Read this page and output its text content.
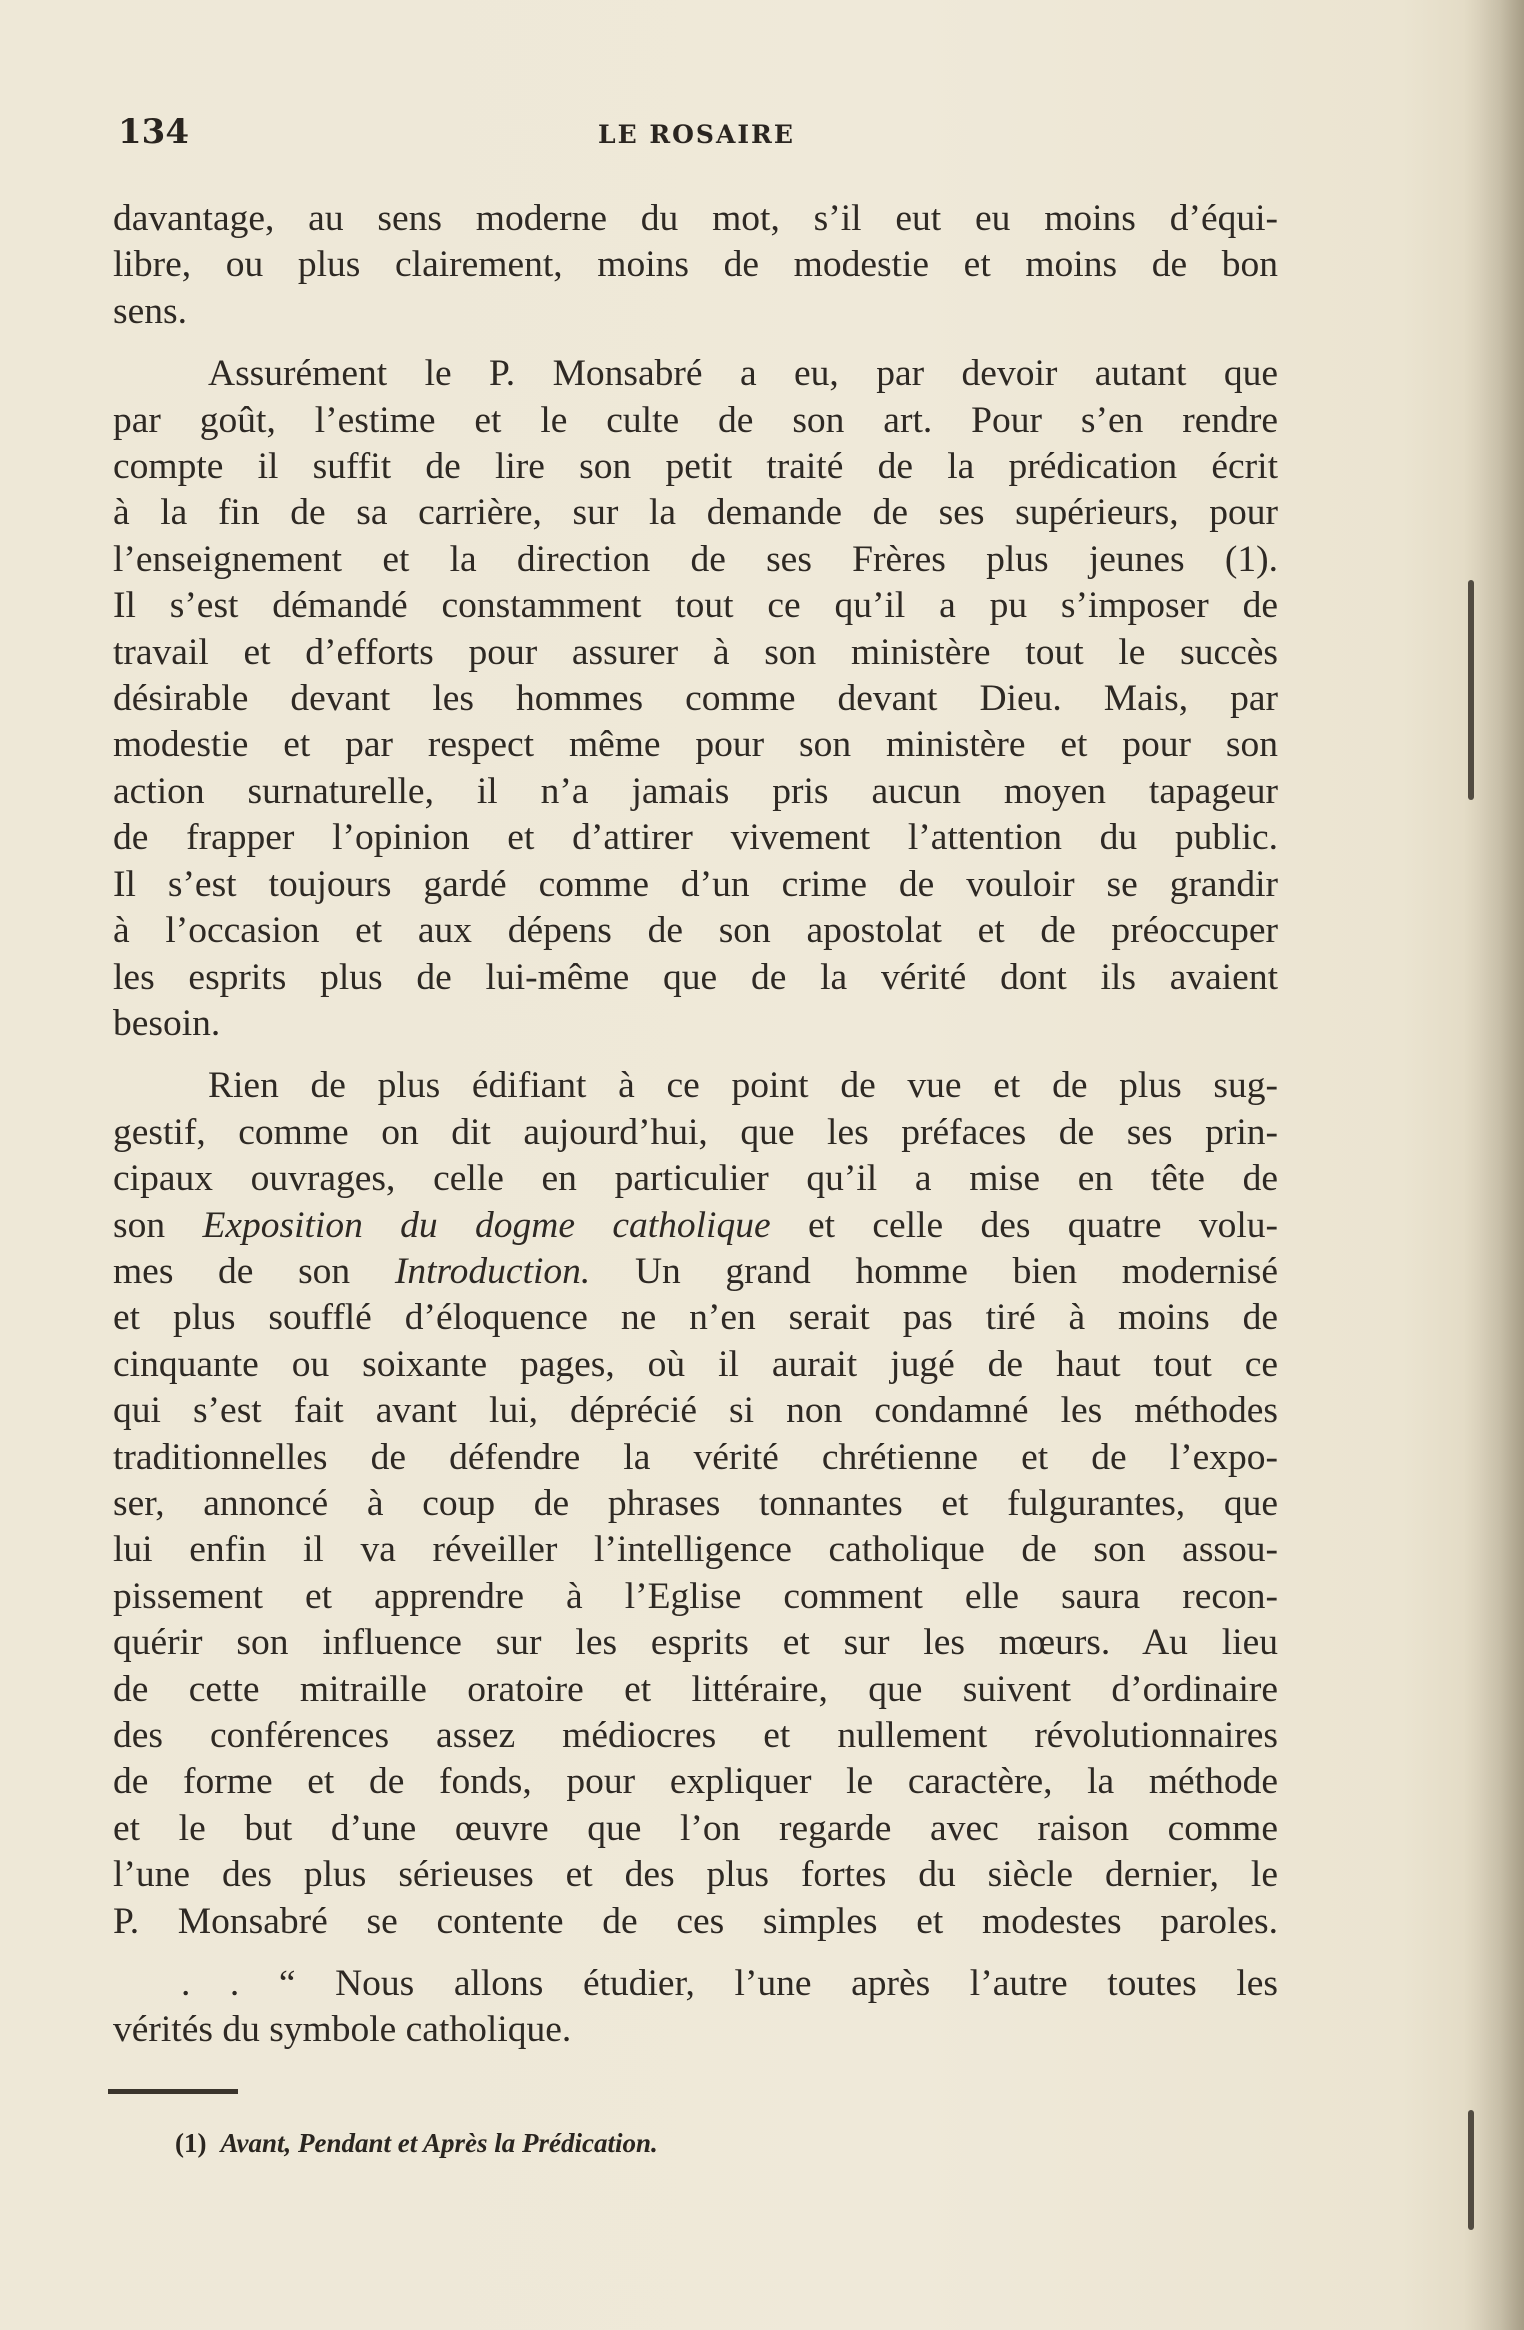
134	LE ROSAIRE

davantage, au sens moderne du mot, s’il eut eu moins d’équi-
libre, ou plus clairement, moins de modestie et moins de bon
sens.

Assurément le P. Monsabré a eu, par devoir autant que
par goût, l’estime et le culte de son art. Pour s’en rendre
compte il suffit de lire son petit traité de la prédication écrit
à la fin de sa carrière, sur la demande de ses supérieurs, pour
l’enseignement et la direction de ses Frères plus jeunes (1).
Il s’est démandé constamment tout ce qu’il a pu s’imposer de
travail et d’efforts pour assurer à son ministère tout le succès
désirable devant les hommes comme devant Dieu. Mais, par
modestie et par respect même pour son ministère et pour son
action surnaturelle, il n’a jamais pris aucun moyen tapageur
de frapper l’opinion et d’attirer vivement l’attention du public.
Il s’est toujours gardé comme d’un crime de vouloir se grandir
à l’occasion et aux dépens de son apostolat et de préoccuper
les esprits plus de lui-même que de la vérité dont ils avaient
besoin.

Rien de plus édifiant à ce point de vue et de plus sug-
gestif, comme on dit aujourd’hui, que les préfaces de ses prin-
cipaux ouvrages, celle en particulier qu’il a mise en tête de
son Exposition du dogme catholique et celle des quatre volu-
mes de son Introduction. Un grand homme bien modernisé
et plus soufflé d’éloquence ne n’en serait pas tiré à moins de
cinquante ou soixante pages, où il aurait jugé de haut tout ce
qui s’est fait avant lui, déprécié si non condamné les méthodes
traditionnelles de défendre la vérité chrétienne et de l’expo-
ser, annoncé à coup de phrases tonnantes et fulgurantes, que
lui enfin il va réveiller l’intelligence catholique de son assou-
pissement et apprendre à l’Eglise comment elle saura recon-
quérir son influence sur les esprits et sur les mœurs. Au lieu
de cette mitraille oratoire et littéraire, que suivent d’ordinaire
des conférences assez médiocres et nullement révolutionnaires
de forme et de fonds, pour expliquer le caractère, la méthode
et le but d’une œuvre que l’on regarde avec raison comme
l’une des plus sérieuses et des plus fortes du siècle dernier, le
P. Monsabré se contente de ces simples et modestes paroles.

. . “ Nous allons étudier, l’une après l’autre toutes les
vérités du symbole catholique.

(1) Avant, Pendant et Après la Prédication.
